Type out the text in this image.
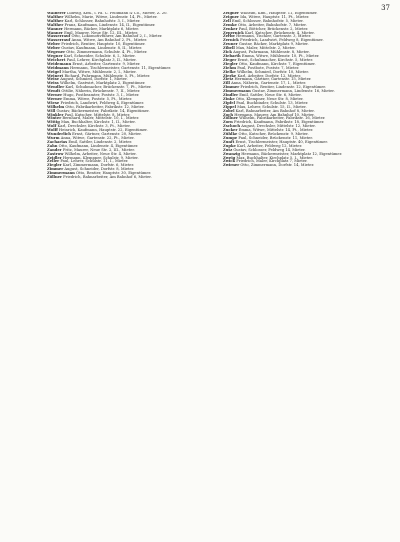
37

Walberer Ludwig, Kfm., i. Fa. C. Feldmann & Co., Mieter, Z. 20.

Walther Wilhelm, Marie, Witwe, Lindenstr. 14, Pt., Mieter.

Walther Karl, Schlosser, Bahnhofstr. 3, I., Mieter.

Walther Franz, Kaufmann, Lindenstr. 14, II., Eigentümer.

Wanner Hermann, Bäcker, Marktplatz 6, Mieter.

Wanner Emil, Maurer, Neue Str. 12, III., Mieter.

Wasserrauf Otto, Lokomotivführer, Am Bahnhof 2, I., Mieter.

Wasserrauf Anna, Witwe, Am Bahnhof 2, Pt., Mieter.

Weber Friedrich, Rentier, Hauptstr. 10, Eigentümer.

Weber Gustav, Kaufmann, Lindenstr. 8, II., Mieter.

Wegener Otto, Zimmermann, Schulstr. 4, Pt., Mieter.

Wegner Karl, Schneider, Schulstr. 6, I., Mieter.

Weichert Paul, Lehrer, Kirchplatz 3, II., Mieter.

Weidemann Ernst, Arbeiter, Gartenstr. 9, Mieter.

Weidmann Hermann, Tischlermeister, Gartenstr. 11, Eigentümer.

Weigel Martha, Witwe, Mühlenstr. 2, I., Mieter.

Weinert Richard, Fuhrmann, Mühlenstr. 5, Pt., Mieter.

Weise August, Schmied, Dorfstr. 1, Mieter.

Weiss Wilhelm, Gastwirt, Marktplatz 2, Eigentümer.

Wendler Karl, Schuhmacher, Brückenstr. 7, Pt., Mieter.

Wendt Ottilie, Näherin, Brückenstr. 7, II., Mieter.

Werner Hugo, Postbeamter, Poststr. 3, I., Mieter.

Werner Emma, Witwe, Poststr. 5, Pt., Mieter.

Wiese Friedrich, Landwirt, Feldweg 4, Eigentümer.

Wilhelm Otto, Fabrikarbeiter, Fabrikstr. 12, Mieter.

Will Gustav, Bäckermeister, Fabrikstr. 14, Eigentümer.

Winkler Paul, Kutscher, Mittelstr. 8, Mieter.

Winter Bernhard, Maler, Mittelstr. 10, I., Mieter.

Wittig Max, Buchhalter, Kirchstr. 1, II., Mieter.

Wolf Karl, Drechsler, Kirchstr. 3, Pt., Mieter.

Wolff Heinrich, Kaufmann, Hauptstr. 22, Eigentümer.

Wunderlich Ernst, Gärtner, Gartenstr. 20, Mieter.

Wurm Anna, Witwe, Gartenstr. 22, Pt., Mieter.

Zacharias Emil, Sattler, Lindenstr. 2, Mieter.

Zahn Otto, Kaufmann, Lindenstr. 4, Eigentümer.

Zander Fritz, Maurer, Neue Str. 2, III., Mieter.

Zastrow Wilhelm, Arbeiter, Neue Str. 4, Mieter.

Zeidler Hermann, Klempner, Schulstr. 9, Mieter.

Zeller Paul, Lehrer, Schulstr. 11, I., Mieter.

Ziegler Karl, Zimmermann, Dorfstr. 6, Mieter.

Zimmer August, Schneider, Dorfstr. 8, Mieter.

Zimmermann Otto, Rentier, Hauptstr. 30, Eigentümer.

Zöllner Friedrich, Bahnarbeiter, Am Bahnhof 6, Mieter.

Zeigner Wilhelm, Kfm., Hauptstr. 11, Eigentümer.

Zeigner Ida, Witwe, Hauptstr. 11, Pt., Mieter.

Zell Emil, Schlosser, Bahnhofstr. 5, Mieter.

Zemke Otto, Arbeiter, Bahnhofstr. 7, Mieter.

Zenker Paul, Böttcher, Brückenstr. 2, Mieter.

Zepernick Karl, Kutscher, Brückenstr. 4, Mieter.

Zerbe Hermann, Tischler, Gartenstr. 3, Mieter.

Zernick Friedrich, Landwirt, Feldweg 8, Eigentümer.

Zeuner Gustav, Bäcker, Marktplatz 9, Mieter.

Zibell Max, Maler, Mittelstr. 2, Mieter.

Zick August, Fuhrmann, Mühlenstr. 8, Mieter.

Ziebarth Emma, Witwe, Mühlenstr. 10, Pt., Mieter.

Zieger Ernst, Schuhmacher, Kirchstr. 5, Mieter.

Ziegler Otto, Kaufmann, Kirchstr. 7, Eigentümer.

Ziehm Paul, Postbote, Poststr. 7, Mieter.

Zielke Wilhelm, Schmied, Dorfstr. 10, Mieter.

Zierke Karl, Arbeiter, Dorfstr. 12, Mieter.

Zietz Hermann, Gärtner, Gartenstr. 15, Mieter.

Zill Anna, Näherin, Gartenstr. 17, I., Mieter.

Zimmer Friedrich, Rentier, Lindenstr. 12, Eigentümer.

Zimmermann Gustav, Zimmermann, Lindenstr. 16, Mieter.

Zindler Emil, Sattler, Neue Str. 6, Mieter.

Zinke Otto, Klempner, Neue Str. 8, Mieter.

Zipfel Paul, Buchbinder, Schulstr. 13, Mieter.

Zippel Max, Lehrer, Schulstr. 15, II., Mieter.

Zobel Karl, Bahnarbeiter, Am Bahnhof 8, Mieter.

Zoch Hermann, Maurer, Am Bahnhof 10, Mieter.

Zöllner Wilhelm, Fabrikarbeiter, Fabrikstr. 16, Mieter.

Zorn Friedrich, Kaufmann, Fabrikstr. 18, Eigentümer.

Zschoch August, Drechsler, Mittelstr. 12, Mieter.

Zucker Emma, Witwe, Mittelstr. 14, Pt., Mieter.

Zühlke Otto, Kutscher, Brückenstr. 9, Mieter.

Zumpe Paul, Schneider, Brückenstr. 11, Mieter.

Zunft Ernst, Tischlermeister, Hauptstr. 40, Eigentümer.

Zupke Karl, Arbeiter, Feldweg 12, Mieter.

Zutz Gustav, Schlosser, Feldweg 14, Mieter.

Zwanzig Hermann, Bäckermeister, Marktplatz 12, Eigentümer.

Zweig Max, Buchhalter, Kirchplatz 5, I., Mieter.

Zwick Friedrich, Maler, Kirchplatz 7, Mieter.

Zwirner Otto, Zimmermann, Dorfstr. 14, Mieter.
